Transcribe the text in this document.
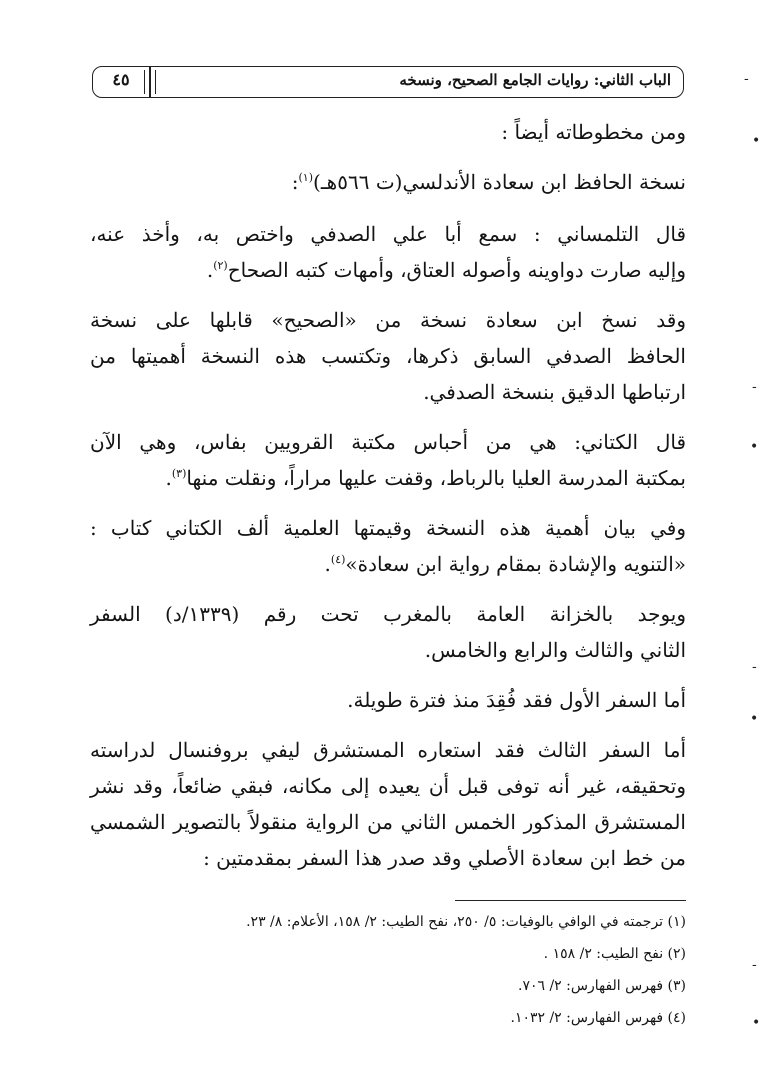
الباب الثاني: روايات الجامع الصحيح، ونسخه
٤٥
ومن مخطوطاته أيضاً :
نسخة الحافظ ابن سعادة الأندلسي(ت ٥٦٦هـ)$^{(١)}$:
قال التلمساني : سمع أبا علي الصدفي واختص به، وأخذ عنه،
وإليه صارت دواوينه وأصوله العتاق، وأمهات كتبه الصحاح$^{(٢)}$.
وقد نسخ ابن سعادة نسخة من «الصحيح» قابلها على نسخة
الحافظ الصدفي السابق ذكرها، وتكتسب هذه النسخة أهميتها من
ارتباطها الدقيق بنسخة الصدفي.
قال الكتاني: هي من أحباس مكتبة القرويين بفاس، وهي الآن
بمكتبة المدرسة العليا بالرباط، وقفت عليها مراراً، ونقلت منها$^{(٣)}$.
وفي بيان أهمية هذه النسخة وقيمتها العلمية ألف الكتاني كتاب :
«التنويه والإشادة بمقام رواية ابن سعادة»$^{(٤)}$.
ويوجد بالخزانة العامة بالمغرب تحت رقم (١٣٣٩/د) السفر
الثاني والثالث والرابع والخامس.
أما السفر الأول فقد فُقِدَ منذ فترة طويلة.
أما السفر الثالث فقد استعاره المستشرق ليفي بروفنسال لدراسته
وتحقيقه، غير أنه توفى قبل أن يعيده إلى مكانه، فبقي ضائعاً، وقد نشر
المستشرق المذكور الخمس الثاني من الرواية منقولاً بالتصوير الشمسي
من خط ابن سعادة الأصلي وقد صدر هذا السفر بمقدمتين :
(١) ترجمته في الوافي بالوفيات: ٥/ ٢٥٠، نفح الطيب: ٢/ ١٥٨، الأعلام: ٨/ ٢٣.
(٢) نفح الطيب: ٢/ ١٥٨ .
(٣) فهرس الفهارس: ٢/ ٧٠٦.
(٤) فهرس الفهارس: ٢/ ١٠٣٢.
-
•
-
•
-
•
-
•
